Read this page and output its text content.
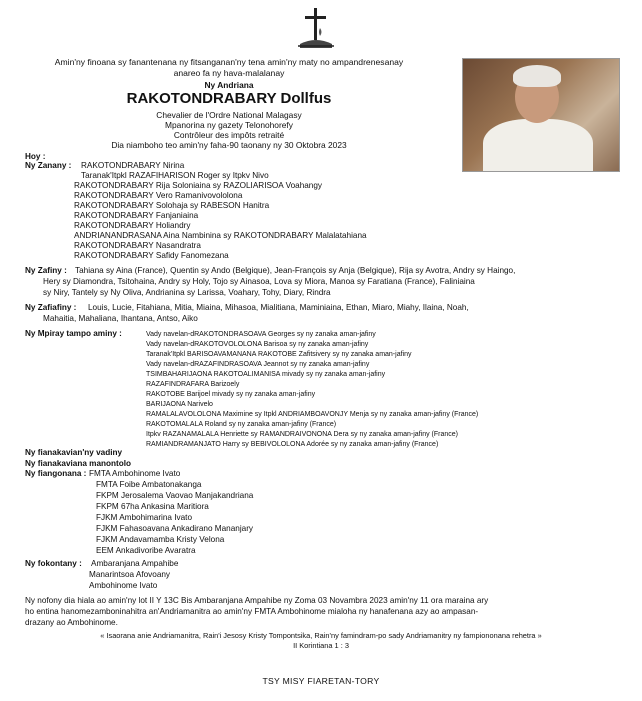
Amin'ny finoana sy fanantenana ny fitsanganan'ny tena amin'ny maty no ampandrenesanay
anareo fa ny hava-malalanay
Ny Andriana
RAKOTONDRABARY Dollfus
Chevalier de l'Ordre National Malagasy
Mpanorina ny gazety Telonohorefy
Contrôleur des impôts retraité
Dia niamboho teo amin'ny faha-90 taonany ny 30 Oktobra 2023
Hoy :
Ny Zanany : RAKOTONDRABARY Nirina
Taranak'Itpkl RAZAFIHARISON Roger sy Itpkv Nivo
RAKOTONDRABARY Rija Soloniaina sy RAZOLIARISOA Voahangy
RAKOTONDRABARY Vero Ramanivovololona
RAKOTONDRABARY Solohaja sy RABESON Hanitra
RAKOTONDRABARY Fanjaniaina
RAKOTONDRABARY Holiandry
ANDRIANANDRASANA Aina Nambinina sy RAKOTONDRABARY Malalatahiana
RAKOTONDRABARY Nasandratra
RAKOTONDRABARY Safidy Fanomezana
Ny Zafiny : Tahiana sy Aina (France), Quentin sy Ando (Belgique), Jean-François sy Anja (Belgique), Rija sy Avotra, Andry sy Haingo,
Hery sy Diamondra, Tsitohaina, Andry sy Holy, Tojo sy Ainasoa, Lova sy Miora, Manoa sy Faratiana (France), Faliniaina
sy Niry, Tantely sy Ny Oliva, Andrianina sy Larissa, Voahary, Tohy, Diary, Rindra
Ny Zafiafiny : Louis, Lucie, Fitahiana, Mitia, Miaina, Mihasoa, Mialitiana, Maminiaina, Ethan, Miaro, Miahy, Ilaina, Noah,
Mahaitia, Mahaliana, Ihantana, Antso, Aiko
Ny Mpiray tampo aminy :	Vady navelan-dRAKOTONDRASOAVA Georges sy ny zanaka aman-jafiny
Vady navelan-dRAKOTOVOLOLONA Barisoa sy ny zanaka aman-jafiny
Taranak'Itpkl BARISOAVAMANANA RAKOTOBE Zafitsivery sy ny zanaka aman-jafiny
Vady navelan-dRAZAFINDRASOAVA Jeannot sy ny zanaka aman-jafiny
TSIMBAHARIJAONA RAKOTOALIMANISA mivady sy ny zanaka aman-jafiny
RAZAFINDRAFARA Barizoely
RAKOTOBE Barijoel mivady sy ny zanaka aman-jafiny
BARIJAONA Narivelo
RAMALALAVOLOLONA Maximine sy Itpkl ANDRIAMBOAVONJY Menja sy ny zanaka aman-jafiny (France)
RAKOTOMALALA Roland sy ny zanaka aman-jafiny (France)
Itpkv RAZANAMALALA Henriette sy RAMANDRAIVONONA Dera sy ny zanaka aman-jafiny (France)
RAMIANDRAMANJATO Harry sy BEBIVOLOLONA Adorée sy ny zanaka aman-jafiny (France)
Ny fianakavian'ny vadiny
Ny fianakaviana manontolo
Ny fiangonana : FMTA Ambohinome Ivato
FMTA Foibe Ambatonakanga
FKPM Jerosalema Vaovao Manjakandriana
FKPM 67ha Ankasina Maritiora
FJKM Ambohimarina Ivato
FJKM Fahasoavana Ankadirano Mananjary
FJKM Andavamamba Kristy Velona
EEM Ankadivoribe Avaratra
Ny fokontany : Ambaranjana Ampahibe
Manarintsoa Afovoany
Ambohinome Ivato
Ny nofony dia hiala ao amin'ny lot II Y 13C Bis Ambaranjana Ampahibe ny Zoma 03 Novambra 2023 amin'ny 11 ora maraina ary
ho entina hanomezamboninahitra an'Andriamanitra ao amin'ny FMTA Ambohinome mialoha ny hanafenana azy ao ampasan-
drazany ao Ambohinome.
« Isaorana anie Andriamanitra, Rain'i Jesosy Kristy Tompontsika, Rain'ny famindram-po sady Andriamanitry ny fampiononana rehetra »
II Korintiana 1 : 3
TSY MISY FIARETAN-TORY
